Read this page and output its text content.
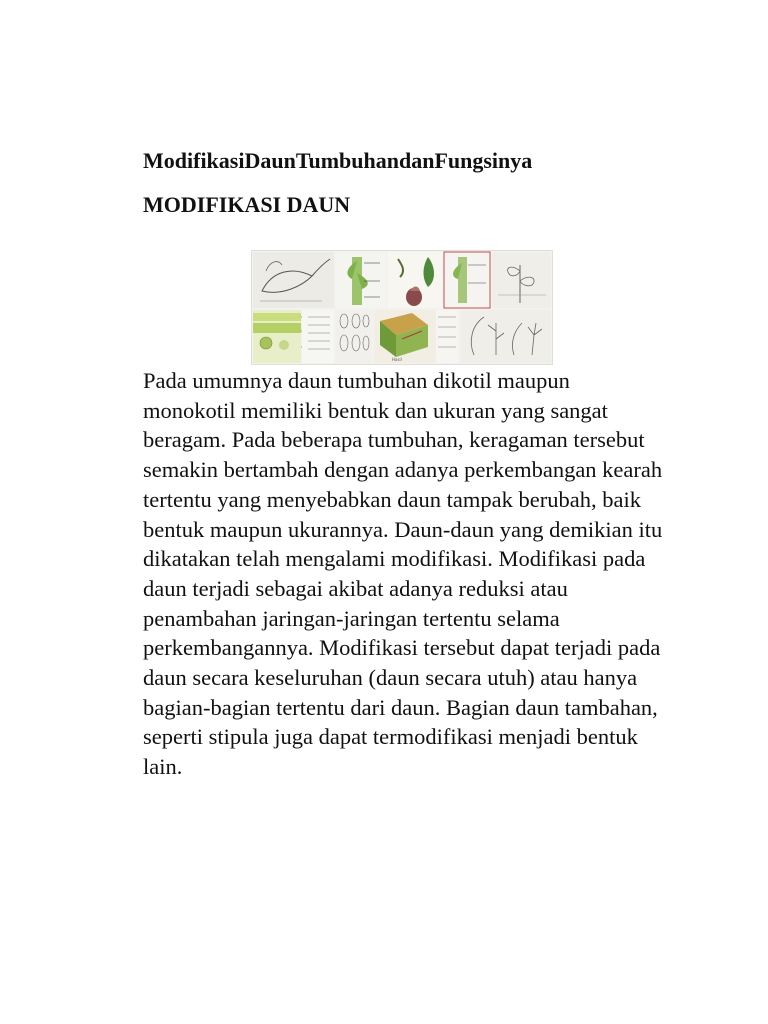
ModifikasiDaunTumbuhandanFungsinya
MODIFIKASI DAUN
Hasil

Pada umumnya daun tumbuhan dikotil maupun monokotil memiliki bentuk dan ukuran yang sangat beragam. Pada beberapa tumbuhan, keragaman tersebut semakin bertambah dengan adanya perkembangan kearah tertentu yang menyebabkan daun tampak berubah, baik bentuk maupun ukurannya. Daun-daun yang demikian itu dikatakan telah mengalami modifikasi. Modifikasi pada daun terjadi sebagai akibat adanya reduksi atau penambahan jaringan-jaringan tertentu selama perkembangannya. Modifikasi tersebut dapat terjadi pada daun secara keseluruhan (daun secara utuh) atau hanya bagian-bagian tertentu dari daun. Bagian daun tambahan, seperti stipula juga dapat termodifikasi menjadi bentuk lain.
